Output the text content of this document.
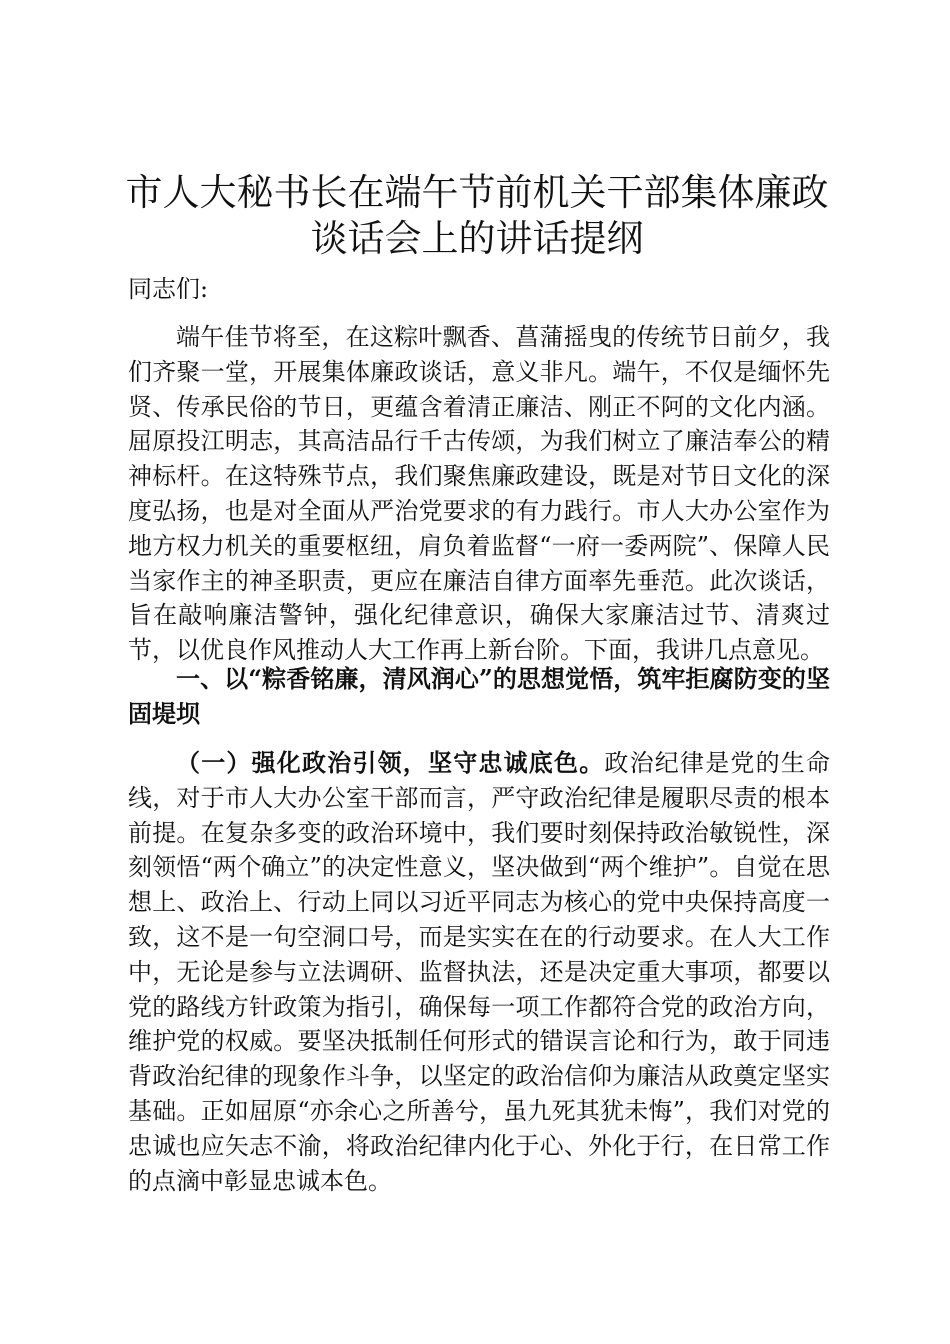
市人大秘书长在端午节前机关干部集体廉政谈话会上的讲话提纲

同志们:

端午佳节将至，在这粽叶飘香、菖蒲摇曳的传统节日前夕，我们齐聚一堂，开展集体廉政谈话，意义非凡。端午，不仅是缅怀先贤、传承民俗的节日，更蕴含着清正廉洁、刚正不阿的文化内涵。屈原投江明志，其高洁品行千古传颂，为我们树立了廉洁奉公的精神标杆。在这特殊节点，我们聚焦廉政建设，既是对节日文化的深度弘扬，也是对全面从严治党要求的有力践行。市人大办公室作为地方权力机关的重要枢纽，肩负着监督“一府一委两院”、保障人民当家作主的神圣职责，更应在廉洁自律方面率先垂范。此次谈话，旨在敲响廉洁警钟，强化纪律意识，确保大家廉洁过节、清爽过节，以优良作风推动人大工作再上新台阶。下面，我讲几点意见。

一、以“粽香铭廉，清风润心”的思想觉悟，筑牢拒腐防变的坚固堤坝

（一）强化政治引领，坚守忠诚底色。政治纪律是党的生命线，对于市人大办公室干部而言，严守政治纪律是履职尽责的根本前提。在复杂多变的政治环境中，我们要时刻保持政治敏锐性，深刻领悟“两个确立”的决定性意义，坚决做到“两个维护”。自觉在思想上、政治上、行动上同以习近平同志为核心的党中央保持高度一致，这不是一句空洞口号，而是实实在在的行动要求。在人大工作中，无论是参与立法调研、监督执法，还是决定重大事项，都要以党的路线方针政策为指引，确保每一项工作都符合党的政治方向，维护党的权威。要坚决抵制任何形式的错误言论和行为，敢于同违背政治纪律的现象作斗争，以坚定的政治信仰为廉洁从政奠定坚实基础。正如屈原“亦余心之所善兮，虽九死其犹未悔”，我们对党的忠诚也应矢志不渝，将政治纪律内化于心、外化于行，在日常工作的点滴中彰显忠诚本色。
